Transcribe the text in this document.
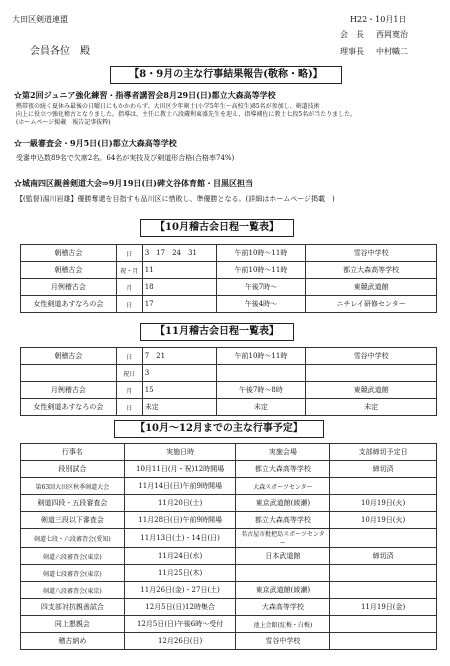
大田区剣道連盟	H22・10月1日
会員各位　殿
会　長 西岡寛治
理事長 中村幟二
【8・9月の主な行事結果報告(敬称・略)】
☆第2回ジュニア強化練習・指導者講習会8月29日(日)都立大森高等学校
熱帯夜の続く夏休み最後の日曜日にもかかわらず、大田区少年剣士(小学5年生〜高校生)85名が参加し、剣道技術
向上に役立つ強化稽古となりました。指導は、主任に教士八段蔵利東盛先生を迎え、指導補佐に教士七段5名が当たりました。
(ホームページ掲載　報告記事抜粋)
☆一級審査会・9月5日(日)都立大森高等学校
受審申込数89名で欠席2名。64名が実技及び剣道形合格(合格率74%)
☆城南四区親善剣道大会⇒9月19日(日)碑文谷体育館・目黒区担当
【(監督)湯川岩雄】優勝奪還を目指すも品川区に惜敗し、準優勝となる。(詳細はホームページ掲載　)
【10月稽古会日程一覧表】
朝稽古会	日	3　17　24　31	午前10時〜11時	雪谷中学校
朝稽古会	祝・月	11	午前10時〜11時	都立大森高等学校
月例稽古会	月	18	午後7時〜	東競武道館
女性剣道あすなろの会	日	17	午後4時〜	ニチレイ研修センター
【11月稽古会日程一覧表】
朝稽古会	日	7　21	午前10時〜11時	雪谷中学校
	祝日	3		
月例稽古会	月	15	午後7時〜8時	東競武道館
女性剣道あすなろの会	日	未定	未定	未定
【10月〜12月までの主な行事予定】
行事名	実施日時	実施会場	支部締切予定日
段別試合	10月11日(月・祝)12時開場	都立大森高等学校	締切済
第63回大田区秋季剣道大会	11月14日(日)午前9時開場	大森スポーツセンター	
剣道四段・五段審査会	11月20日(土)	東京武道館(綾瀬)	10月19日(火)
剣道三段以下審査会	11月28日(日)午前9時開場	都立大森高等学校	10月19日(火)
剣道七段・六段審査会(愛知)	11月13日(土)・14日(日)	名古屋市枇杷島スポーツセンター	
剣道六段審査会(東京)	11月24日(水)	日本武道館	締切済
剣道七段審査会(東京)	11月25日(木)		
剣道八段審査会(東京)	11月26日(金)・27日(土)	東京武道館(綾瀬)	
四支部対抗親善試合	12月5日(日)12時集合	大森高等学校	11月19日(金)
同上懇親会	12月5日(日)午後6時〜受付	池上会館(紅梅・白梅)	
稽古納め	12月26日(日)	雪谷中学校	
